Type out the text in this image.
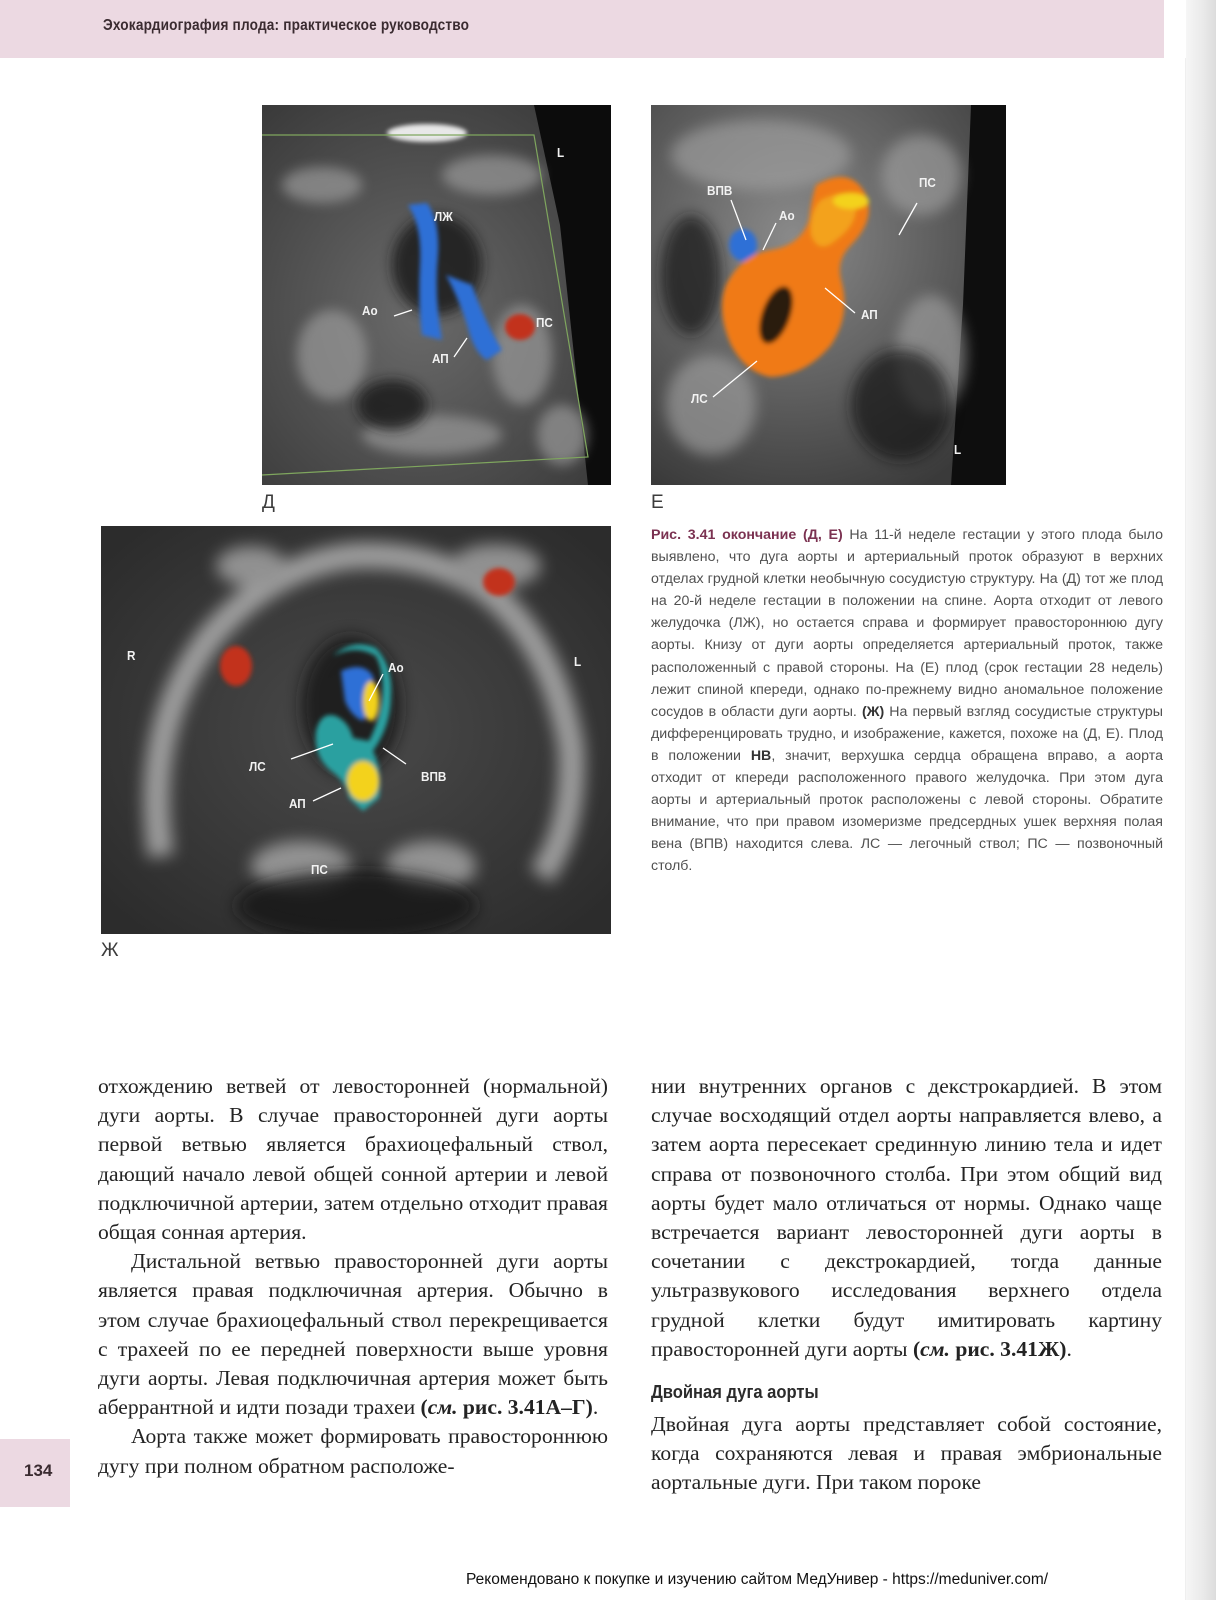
Эхокардиография плода: практическое руководство
L
ЛЖ
Ао
АП
ПС
Д
ВПВ
Ао
ПС
АП
ЛС
L
Е
R	L
Ао
ЛС
ВПВ
АП
ПС
Ж
Рис. 3.41 окончание (Д, Е) На 11-й неделе гестации у этого плода было выявлено, что дуга аорты и артериальный проток образуют в верхних отделах грудной клетки необычную сосудистую структуру. На (Д) тот же плод на 20-й неделе гестации в положении на спине. Аорта отходит от левого желудочка (ЛЖ), но остается справа и формирует правостороннюю дугу аорты. Книзу от дуги аорты определяется артериальный проток, также расположенный с правой стороны. На (Е) плод (срок гестации 28 недель) лежит спиной кпереди, однако по-прежнему видно аномальное положение сосудов в области дуги аорты. (Ж) На первый взгляд сосудистые структуры дифференцировать трудно, и изображение, кажется, похоже на (Д, Е). Плод в положении НВ, значит, верхушка сердца обращена вправо, а аорта отходит от кпереди расположенного правого желудочка. При этом дуга аорты и артериальный проток расположены с левой стороны. Обратите внимание, что при правом изомеризме предсердных ушек верхняя полая вена (ВПВ) находится слева. ЛС — легочный ствол; ПС — позвоночный столб.

отхождению ветвей от левосторонней (нормальной) дуги аорты. В случае правосторонней дуги аорты первой ветвью является брахиоцефальный ствол, дающий начало левой общей сонной артерии и левой подключичной артерии, затем отдельно отходит правая общая сонная артерия.

Дистальной ветвью правосторонней дуги аорты является правая подключичная артерия. Обычно в этом случае брахиоцефальный ствол перекрещивается с трахеей по ее передней поверхности выше уровня дуги аорты. Левая подключичная артерия может быть аберрантной и идти позади трахеи (см. рис. 3.41А–Г).

Аорта также может формировать правостороннюю дугу при полном обратном расположе-

нии внутренних органов с декстрокардией. В этом случае восходящий отдел аорты направляется влево, а затем аорта пересекает срединную линию тела и идет справа от позвоночного столба. При этом общий вид аорты будет мало отличаться от нормы. Однако чаще встречается вариант левосторонней дуги аорты в сочетании с декстрокардией, тогда данные ультразвукового исследования верхнего отдела грудной клетки будут имитировать картину правосторонней дуги аорты (см. рис. 3.41Ж).

Двойная дуга аорты

Двойная дуга аорты представляет собой состояние, когда сохраняются левая и правая эмбриональные аортальные дуги. При таком пороке

134
Рекомендовано к покупке и изучению сайтом МедУнивер - https://meduniver.com/
